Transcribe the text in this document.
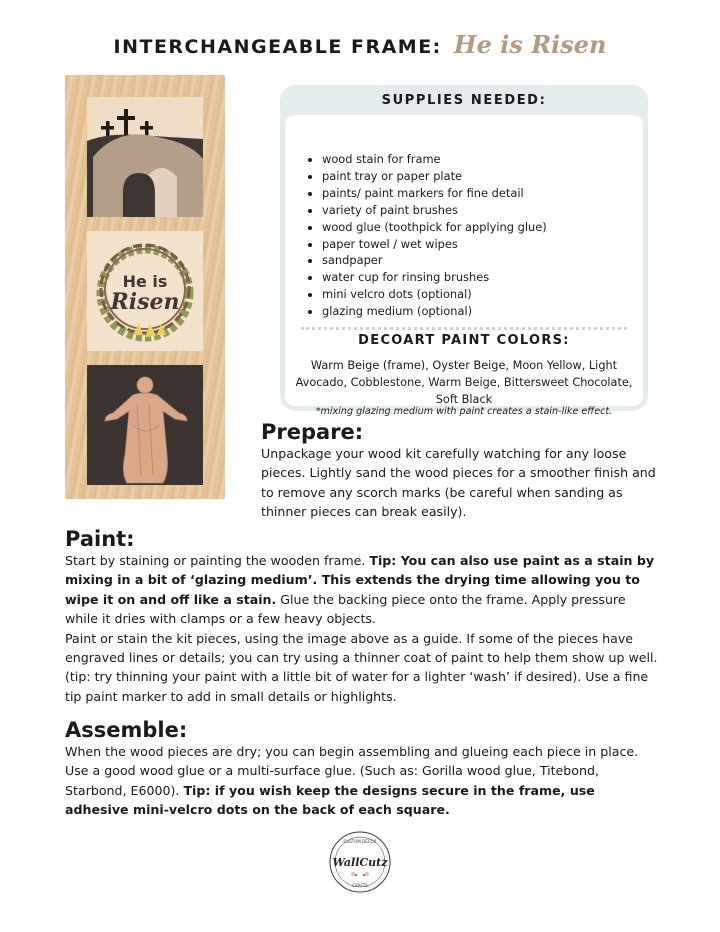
INTERCHANGEABLE FRAME: He is Risen
He is
Risen
SUPPLIES NEEDED:
• wood stain for frame
• paint tray or paper plate
• paints/ paint markers for fine detail
• variety of paint brushes
• wood glue (toothpick for applying glue)
• paper towel / wet wipes
• sandpaper
• water cup for rinsing brushes
• mini velcro dots (optional)
• glazing medium (optional)
DECOART PAINT COLORS:
Warm Beige (frame), Oyster Beige, Moon Yellow, Light Avocado, Cobblestone, Warm Beige, Bittersweet Chocolate, Soft Black
*mixing glazing medium with paint creates a stain-like effect.
Prepare:

Unpackage your wood kit carefully watching for any loose pieces. Lightly sand the wood pieces for a smoother finish and to remove any scorch marks (be careful when sanding as thinner pieces can break easily).

Paint:

Start by staining or painting the wooden frame. Tip: You can also use paint as a stain by mixing in a bit of ‘glazing medium’. This extends the drying time allowing you to wipe it on and off like a stain. Glue the backing piece onto the frame. Apply pressure while it dries with clamps or a few heavy objects.

Paint or stain the kit pieces, using the image above as a guide. If some of the pieces have engraved lines or details; you can try using a thinner coat of paint to help them show up well. (tip: try thinning your paint with a little bit of water for a lighter ‘wash’ if desired). Use a fine tip paint marker to add in small details or highlights.

Assemble:

When the wood pieces are dry; you can begin assembling and glueing each piece in place. Use a good wood glue or a multi-surface glue. (Such as: Gorilla wood glue, Titebond, Starbond, E6000). Tip: if you wish keep the designs secure in the frame, use adhesive mini-velcro dots on the back of each square.

CUSTOM DÉCOR
WallCutz
CRAFTS
